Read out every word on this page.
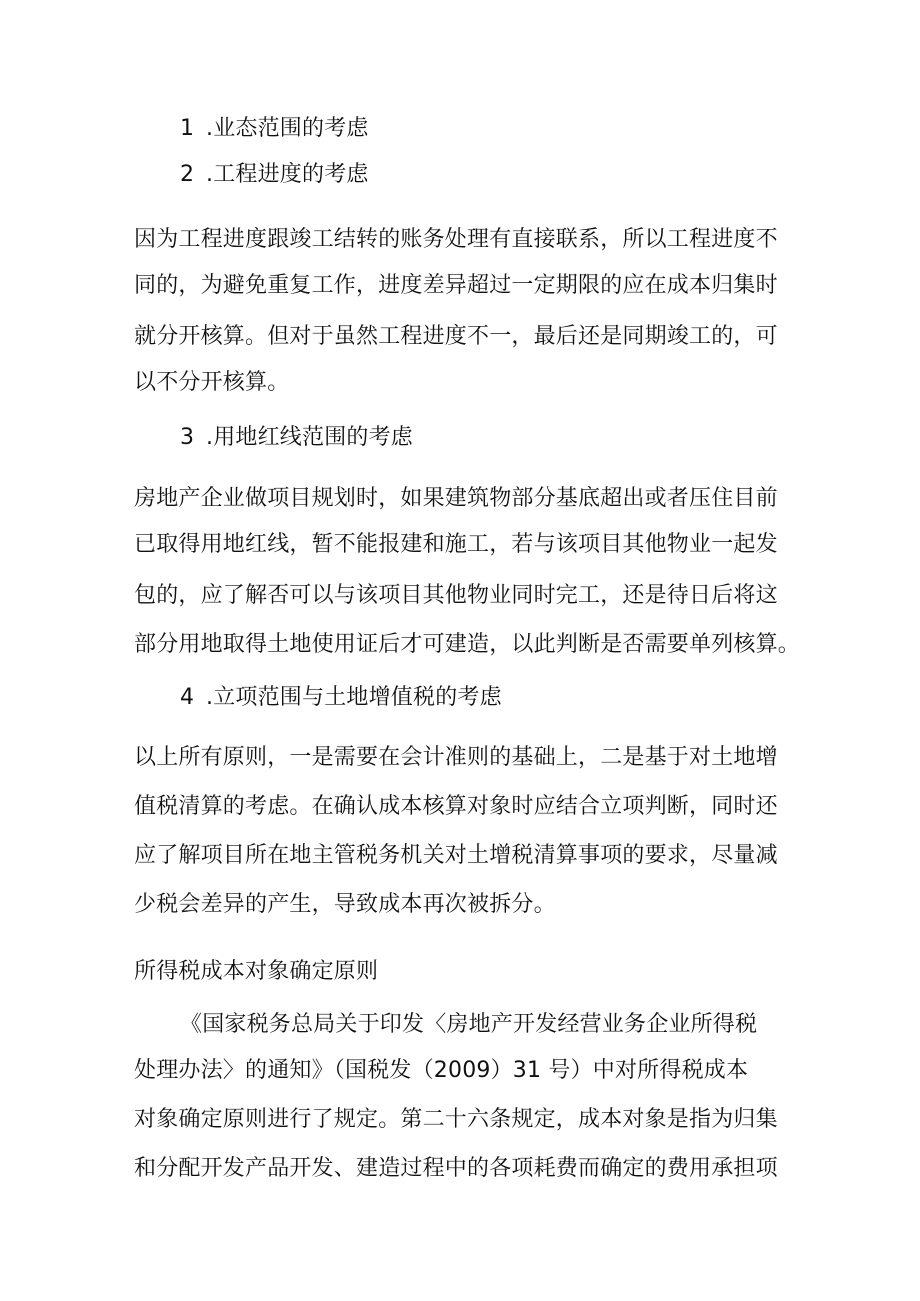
1 .业态范围的考虑
2 .工程进度的考虑
因为工程进度跟竣工结转的账务处理有直接联系，所以工程进度不
同的，为避免重复工作，进度差异超过一定期限的应在成本归集时
就分开核算。但对于虽然工程进度不一，最后还是同期竣工的，可
以不分开核算。
3 .用地红线范围的考虑
房地产企业做项目规划时，如果建筑物部分基底超出或者压住目前
已取得用地红线，暂不能报建和施工，若与该项目其他物业一起发
包的，应了解否可以与该项目其他物业同时完工，还是待日后将这
部分用地取得土地使用证后才可建造，以此判断是否需要单列核算。
4 .立项范围与土地增值税的考虑
以上所有原则，一是需要在会计准则的基础上，二是基于对土地增
值税清算的考虑。在确认成本核算对象时应结合立项判断，同时还
应了解项目所在地主管税务机关对土增税清算事项的要求，尽量减
少税会差异的产生，导致成本再次被拆分。
所得税成本对象确定原则
《国家税务总局关于印发〈房地产开发经营业务企业所得税
处理办法〉的通知》（国税发（2009）31 号）中对所得税成本
对象确定原则进行了规定。第二十六条规定，成本对象是指为归集
和分配开发产品开发、建造过程中的各项耗费而确定的费用承担项
